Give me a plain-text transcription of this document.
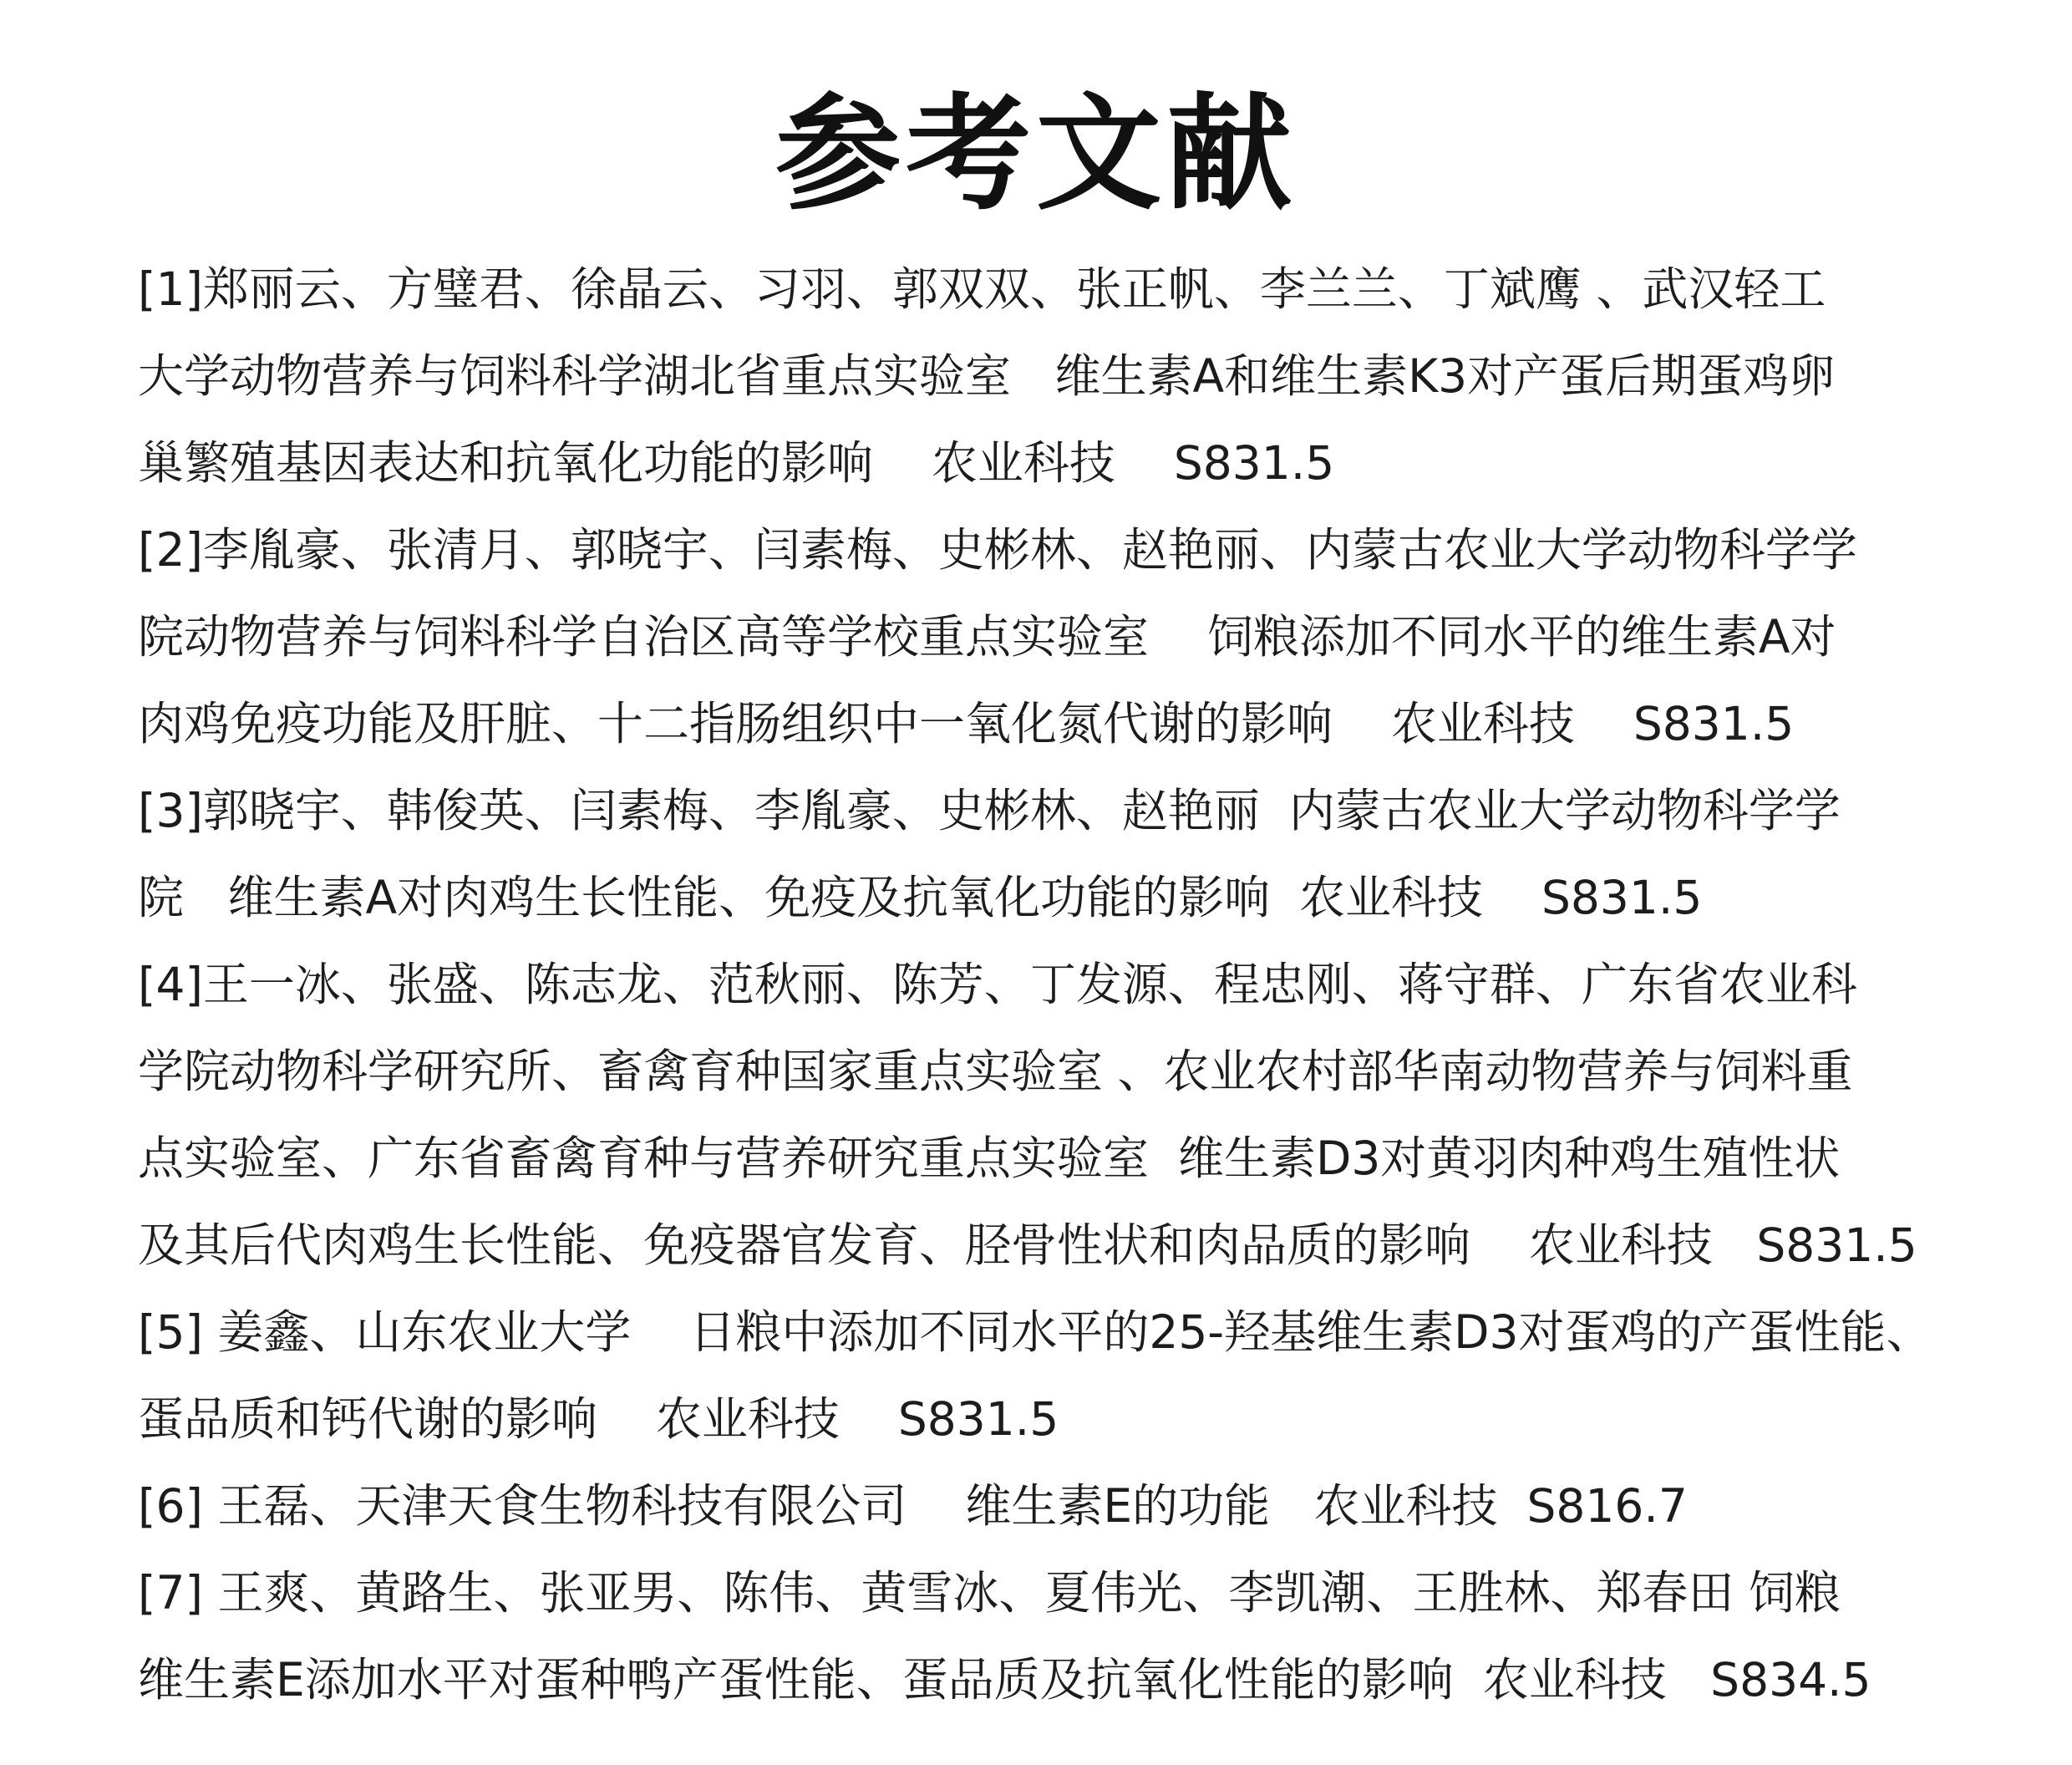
参考文献
[1]郑丽云、方璧君、徐晶云、习羽、郭双双、张正帆、李兰兰、丁斌鹰 、武汉轻工
大学动物营养与饲料科学湖北省重点实验室   维生素A和维生素K3对产蛋后期蛋鸡卵
巢繁殖基因表达和抗氧化功能的影响    农业科技    S831.5
[2]李胤豪、张清月、郭晓宇、闫素梅、史彬林、赵艳丽、内蒙古农业大学动物科学学
院动物营养与饲料科学自治区高等学校重点实验室    饲粮添加不同水平的维生素A对
肉鸡免疫功能及肝脏、十二指肠组织中一氧化氮代谢的影响    农业科技    S831.5
[3]郭晓宇、韩俊英、闫素梅、李胤豪、史彬林、赵艳丽  内蒙古农业大学动物科学学
院   维生素A对肉鸡生长性能、免疫及抗氧化功能的影响  农业科技    S831.5
[4]王一冰、张盛、陈志龙、范秋丽、陈芳、丁发源、程忠刚、蒋守群、广东省农业科
学院动物科学研究所、畜禽育种国家重点实验室 、农业农村部华南动物营养与饲料重
点实验室、广东省畜禽育种与营养研究重点实验室  维生素D3对黄羽肉种鸡生殖性状
及其后代肉鸡生长性能、免疫器官发育、胫骨性状和肉品质的影响    农业科技   S831.5
[5] 姜鑫、山东农业大学    日粮中添加不同水平的25-羟基维生素D3对蛋鸡的产蛋性能、
蛋品质和钙代谢的影响    农业科技    S831.5
[6] 王磊、天津天食生物科技有限公司    维生素E的功能   农业科技  S816.7
[7] 王爽、黄路生、张亚男、陈伟、黄雪冰、夏伟光、李凯潮、王胜林、郑春田 饲粮
维生素E添加水平对蛋种鸭产蛋性能、蛋品质及抗氧化性能的影响  农业科技   S834.5
